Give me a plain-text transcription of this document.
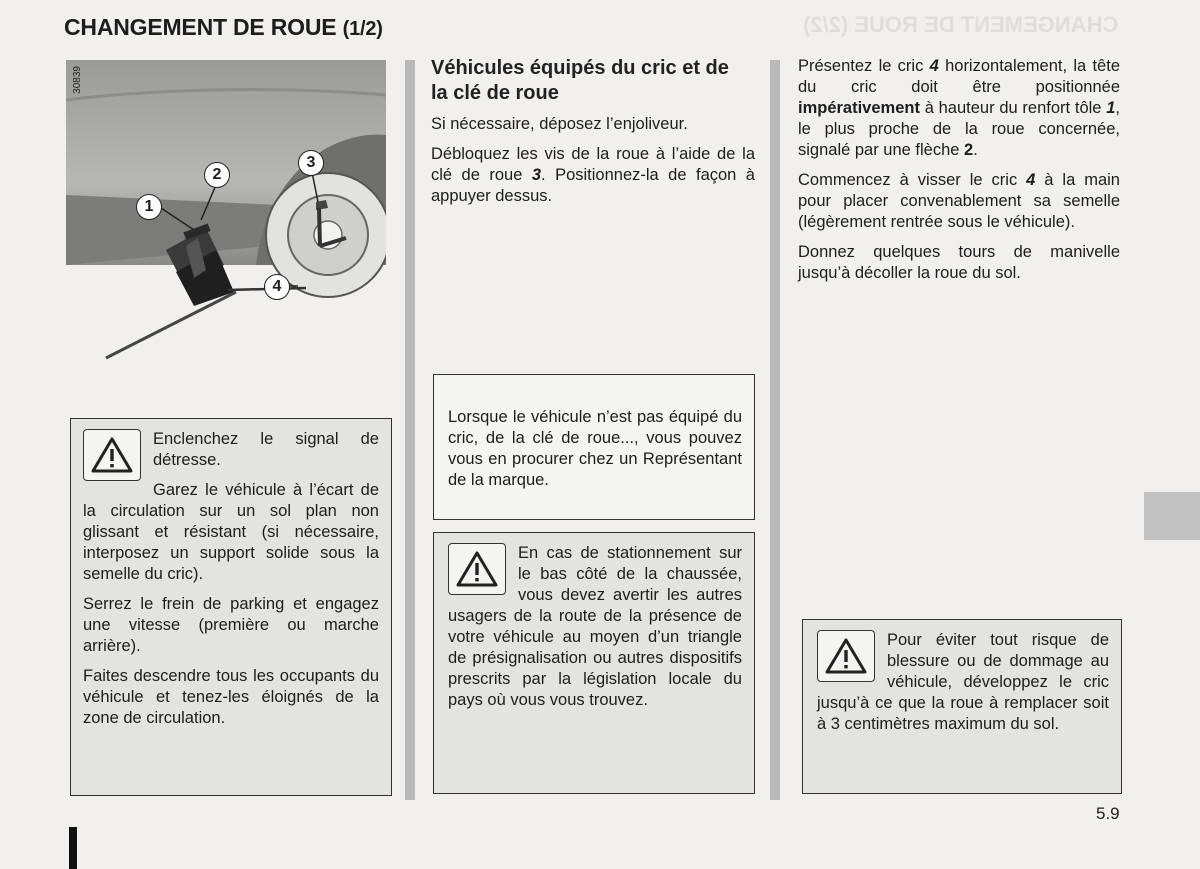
CHANGEMENT DE ROUE (1/2)	CHANGEMENT DE ROUE (2/2)
30839
1
2
3
4

Enclenchez le signal de détresse.

Garez le véhicule à l’écart de la circulation sur un sol plan non glissant et résistant (si nécessaire, interposez un support solide sous la semelle du cric).

Serrez le frein de parking et engagez une vitesse (première ou marche arrière).

Faites descendre tous les occupants du véhicule et tenez-les éloignés de la zone de circulation.

Véhicules équipés du cric et de la clé de roue

Si nécessaire, déposez l’enjoliveur.

Débloquez les vis de la roue à l’aide de la clé de roue 3. Positionnez-la de façon à appuyer dessus.

Lorsque le véhicule n’est pas équipé du cric, de la clé de roue..., vous pouvez vous en procurer chez un Représentant de la marque.

En cas de stationnement sur le bas côté de la chaussée, vous devez avertir les autres usagers de la route de la présence de votre véhicule au moyen d’un triangle de présignalisation ou autres dispositifs prescrits par la législation locale du pays où vous vous trouvez.

Présentez le cric 4 horizontalement, la tête du cric doit être positionnée impérativement à hauteur du renfort tôle 1, le plus proche de la roue concernée, signalé par une flèche 2.

Commencez à visser le cric 4 à la main pour placer convenablement sa semelle (légèrement rentrée sous le véhicule).

Donnez quelques tours de manivelle jusqu’à décoller la roue du sol.

Pour éviter tout risque de blessure ou de dommage au véhicule, développez le cric jusqu’à ce que la roue à remplacer soit à 3 centimètres maximum du sol.

5.9
